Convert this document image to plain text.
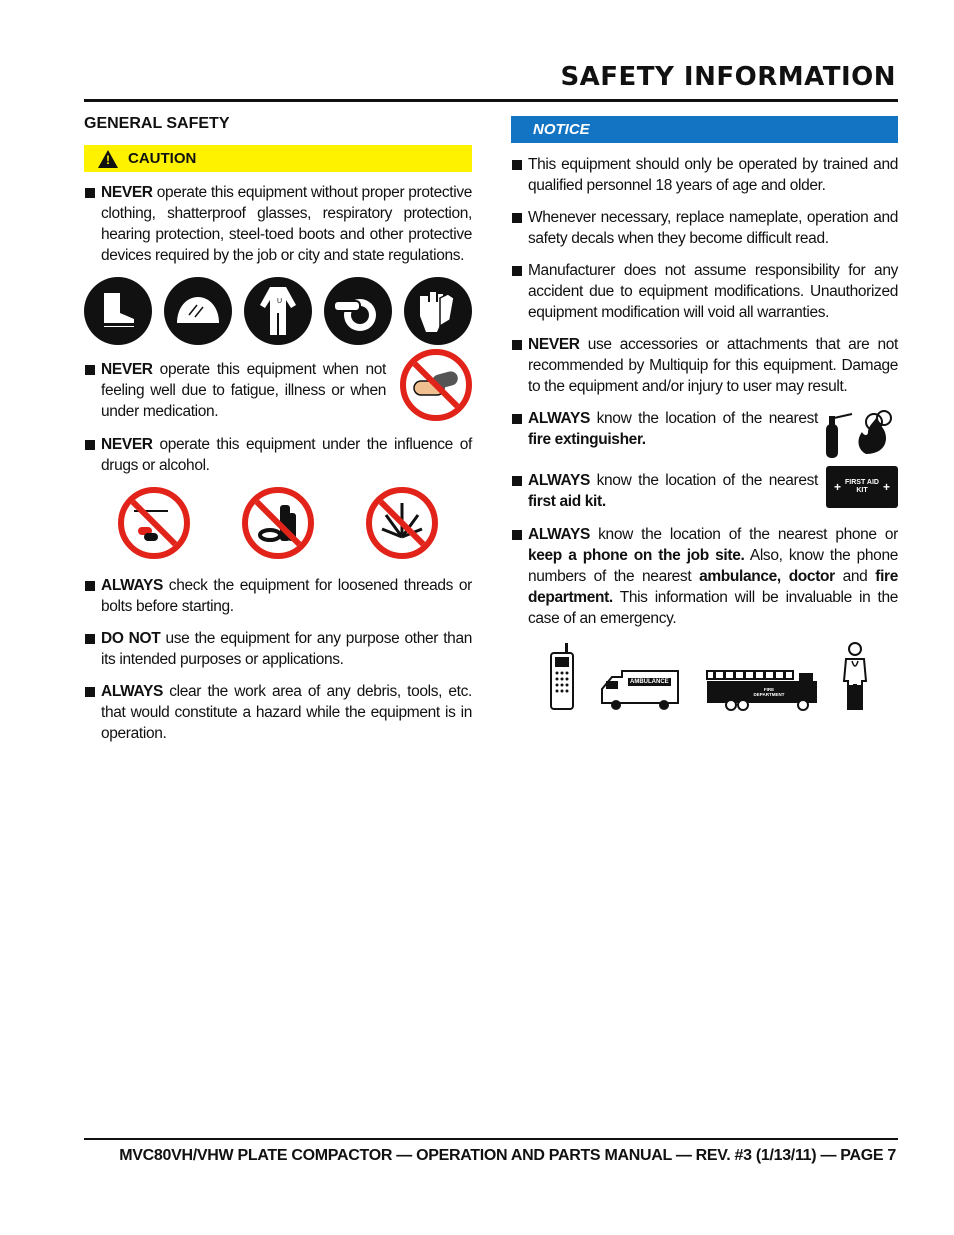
SAFETY INFORMATION
GENERAL SAFETY
! CAUTION
NEVER operate this equipment without proper protective clothing, shatterproof glasses, respiratory protection, hearing protection, steel-toed boots and other protective devices required by the job or city and state regulations.
U
NEVER operate this equipment when not feeling well due to fatigue, illness or when under medication.
NEVER operate this equipment under the influence of drugs or alcohol.
ALWAYS check the equipment for loosened threads or bolts before starting.
DO NOT use the equipment for any purpose other than its intended purposes or applications.
ALWAYS clear the work area of any debris, tools, etc. that would constitute a hazard while the equipment is in operation.
NOTICE
This equipment should only be operated by trained and qualified personnel 18 years of age and older.
Whenever necessary, replace nameplate, operation and safety decals when they become difficult read.
Manufacturer does not assume responsibility for any accident due to equipment modifications. Unauthorized equipment modification will void all warranties.
NEVER use accessories or attachments that are not recommended by Multiquip for this equipment. Damage to the equipment and/or injury to user may result.
ALWAYS know the location of the nearest fire extinguisher.
ALWAYS know the location of the nearest first aid kit.
+ FIRST AID KIT	+
ALWAYS know the location of the nearest phone or keep a phone on the job site. Also, know the phone numbers of the nearest ambulance, doctor and fire department. This information will be invaluable in the case of an emergency.
AMBULANCE
FIRE DEPARTMENT
MVC80VH/VHW PLATE COMPACTOR — OPERATION AND PARTS MANUAL — REV. #3 (1/13/11) — PAGE 7
